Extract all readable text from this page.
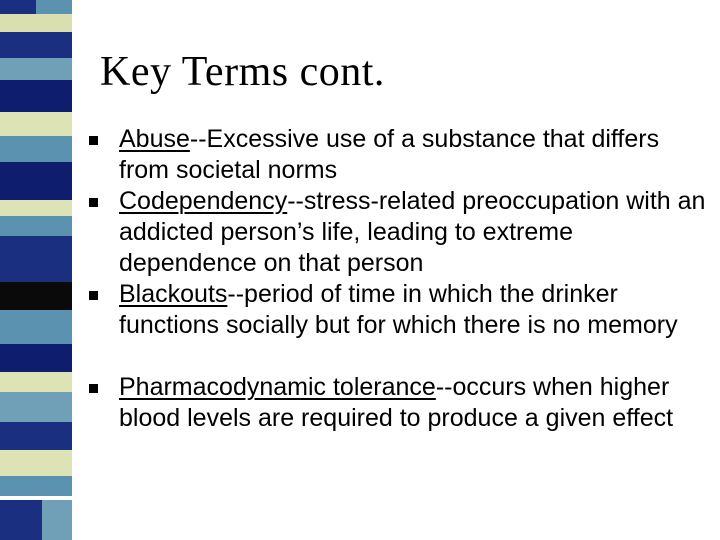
Key Terms cont.
Abuse--Excessive use of a substance that differs from societal norms
Codependency--stress-related preoccupation with an addicted person’s life, leading to extreme dependence on that person
Blackouts--period of time in which the drinker functions socially but for which there is no memory
Pharmacodynamic tolerance--occurs when higher blood levels are required to produce a given effect
